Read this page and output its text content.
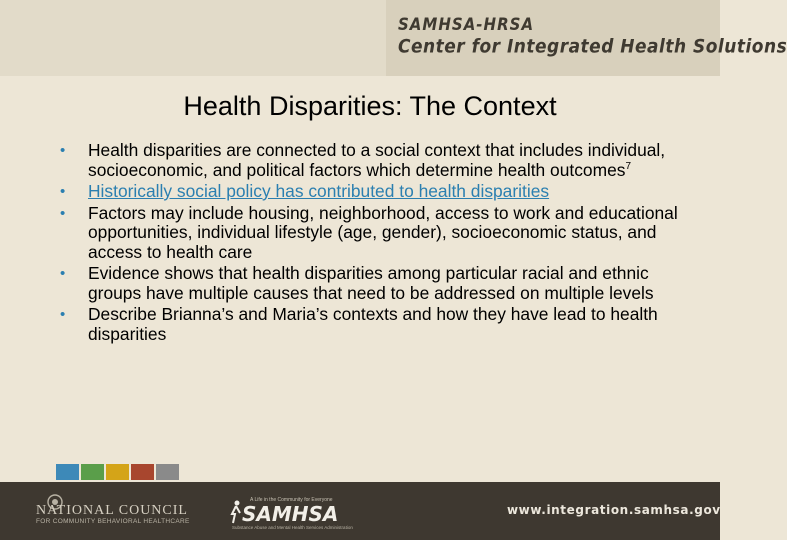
SAMHSA-HRSA
Center for Integrated Health Solutions
Health Disparities: The Context
• Health disparities are connected to a social context that includes individual, socioeconomic, and political factors which determine health outcomes$^7$
• Historically social policy has contributed to health disparities
• Factors may include housing, neighborhood, access to work and educational opportunities, individual lifestyle (age, gender), socioeconomic status, and access to health care
• Evidence shows that health disparities among particular racial and ethnic groups have multiple causes that need to be addressed on multiple levels
• Describe Brianna’s and Maria’s contexts and how they have lead to health disparities
NATIONAL COUNCIL
FOR COMMUNITY BEHAVIORAL HEALTHCARE
A Life in the Community for Everyone
SAMHSA
Substance Abuse and Mental Health Services Administration
www.integration.samhsa.gov
